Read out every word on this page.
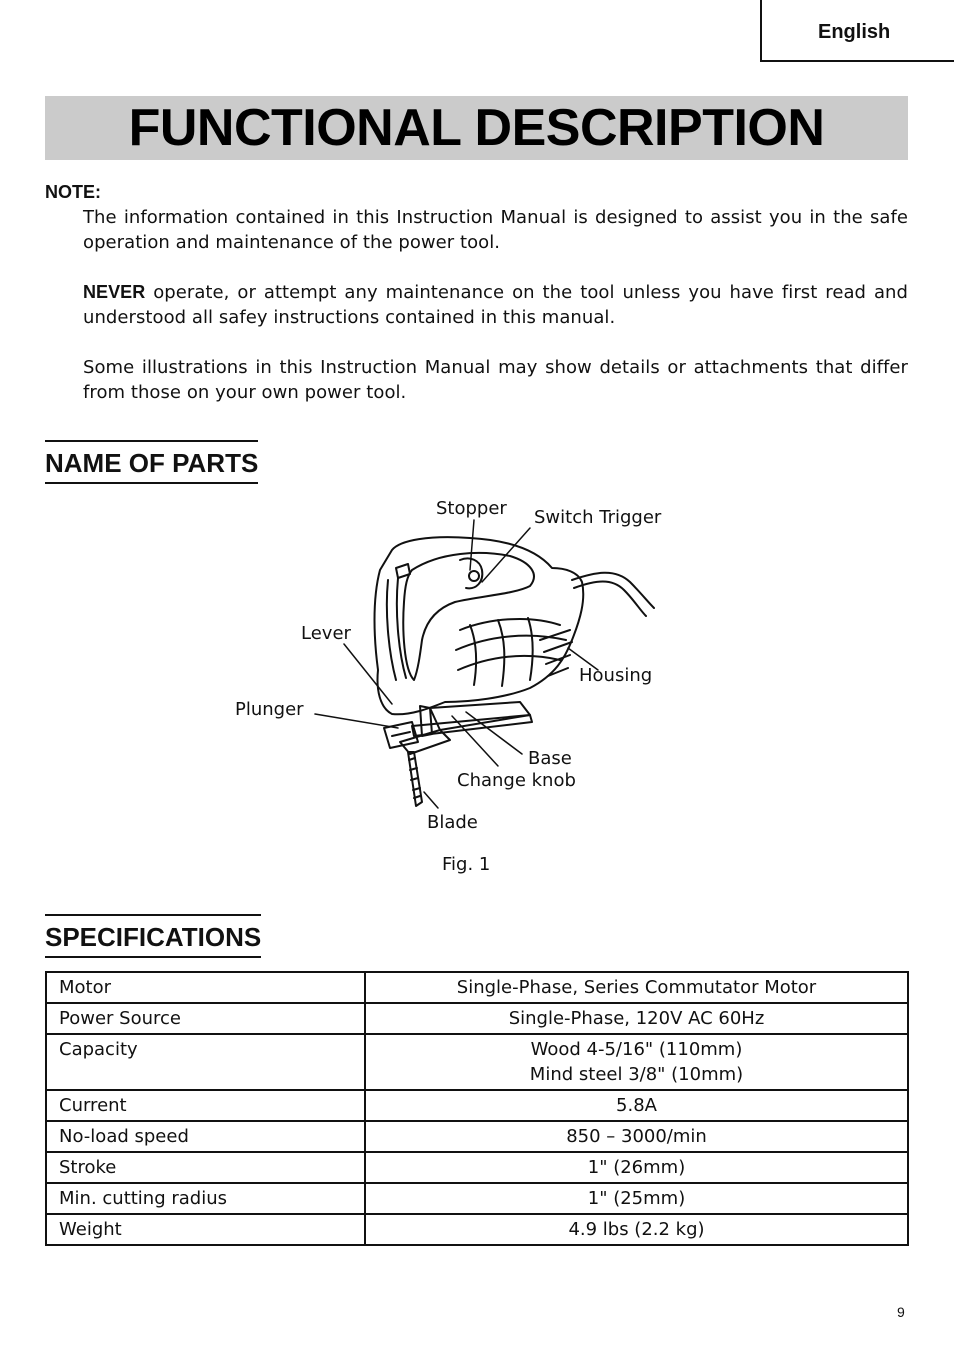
English
FUNCTIONAL DESCRIPTION
NOTE:
The information contained in this Instruction Manual is designed to assist you in the safe operation and maintenance of the power tool.
NEVER operate, or attempt any maintenance on the tool unless you have first read and understood all safey instructions contained in this manual.
Some illustrations in this Instruction Manual may show details or attachments that differ from those on your own power tool.
NAME OF PARTS
Stopper Switch Trigger
Lever
Housing
Plunger
Base
Change knob
Blade
Fig. 1
SPECIFICATIONS
Motor	Single-Phase, Series Commutator Motor
Power Source	Single-Phase, 120V AC 60Hz
Capacity	Wood 4-5/16" (110mm)
Mind steel 3/8" (10mm)

Current	5.8A
No-load speed	850 – 3000/min
Stroke	1" (26mm)
Min. cutting radius	1" (25mm)
Weight	4.9 lbs (2.2 kg)
9
